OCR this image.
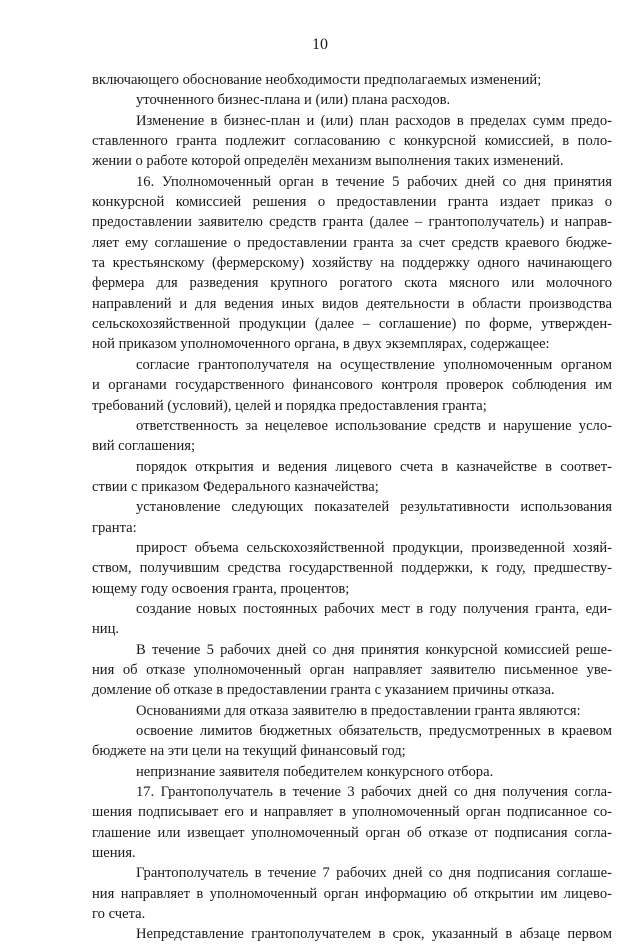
10
включающего обоснование необходимости предполагаемых изменений;
уточненного бизнес-плана и (или) плана расходов.
Изменение в бизнес-план и (или) план расходов в пределах сумм предо-
ставленного гранта подлежит согласованию с конкурсной комиссией, в поло-
жении о работе которой определён механизм выполнения таких изменений.
16. Уполномоченный орган в течение 5 рабочих дней со дня принятия
конкурсной комиссией решения о предоставлении гранта издает приказ о
предоставлении заявителю средств гранта (далее – грантополучатель) и направ-
ляет ему соглашение о предоставлении гранта за счет средств краевого бюдже-
та крестьянскому (фермерскому) хозяйству на поддержку одного начинающего
фермера для разведения крупного рогатого скота мясного или молочного
направлений и для ведения иных видов деятельности в области производства
сельскохозяйственной продукции (далее – соглашение) по форме, утвержден-
ной приказом уполномоченного органа, в двух экземплярах, содержащее:
согласие грантополучателя на осуществление уполномоченным органом
и органами государственного финансового контроля проверок соблюдения им
требований (условий), целей и порядка предоставления гранта;
ответственность за нецелевое использование средств и нарушение усло-
вий соглашения;
порядок открытия и ведения лицевого счета в казначействе в соответ-
ствии с приказом Федерального казначейства;
установление следующих показателей результативности использования
гранта:
прирост объема сельскохозяйственной продукции, произведенной хозяй-
ством, получившим средства государственной поддержки, к году, предшеству-
ющему году освоения гранта, процентов;
создание новых постоянных рабочих мест в году получения гранта, еди-
ниц.
В течение 5 рабочих дней со дня принятия конкурсной комиссией реше-
ния об отказе уполномоченный орган направляет заявителю письменное уве-
домление об отказе в предоставлении гранта с указанием причины отказа.
Основаниями для отказа заявителю в предоставлении гранта являются:
освоение лимитов бюджетных обязательств, предусмотренных в краевом
бюджете на эти цели на текущий финансовый год;
непризнание заявителя победителем конкурсного отбора.
17. Грантополучатель в течение 3 рабочих дней со дня получения согла-
шения подписывает его и направляет в уполномоченный орган подписанное со-
глашение или извещает уполномоченный орган об отказе от подписания согла-
шения.
Грантополучатель в течение 7 рабочих дней со дня подписания соглаше-
ния направляет в уполномоченный орган информацию об открытии им лицево-
го счета.
Непредставление грантополучателем в срок, указанный в абзаце первом
